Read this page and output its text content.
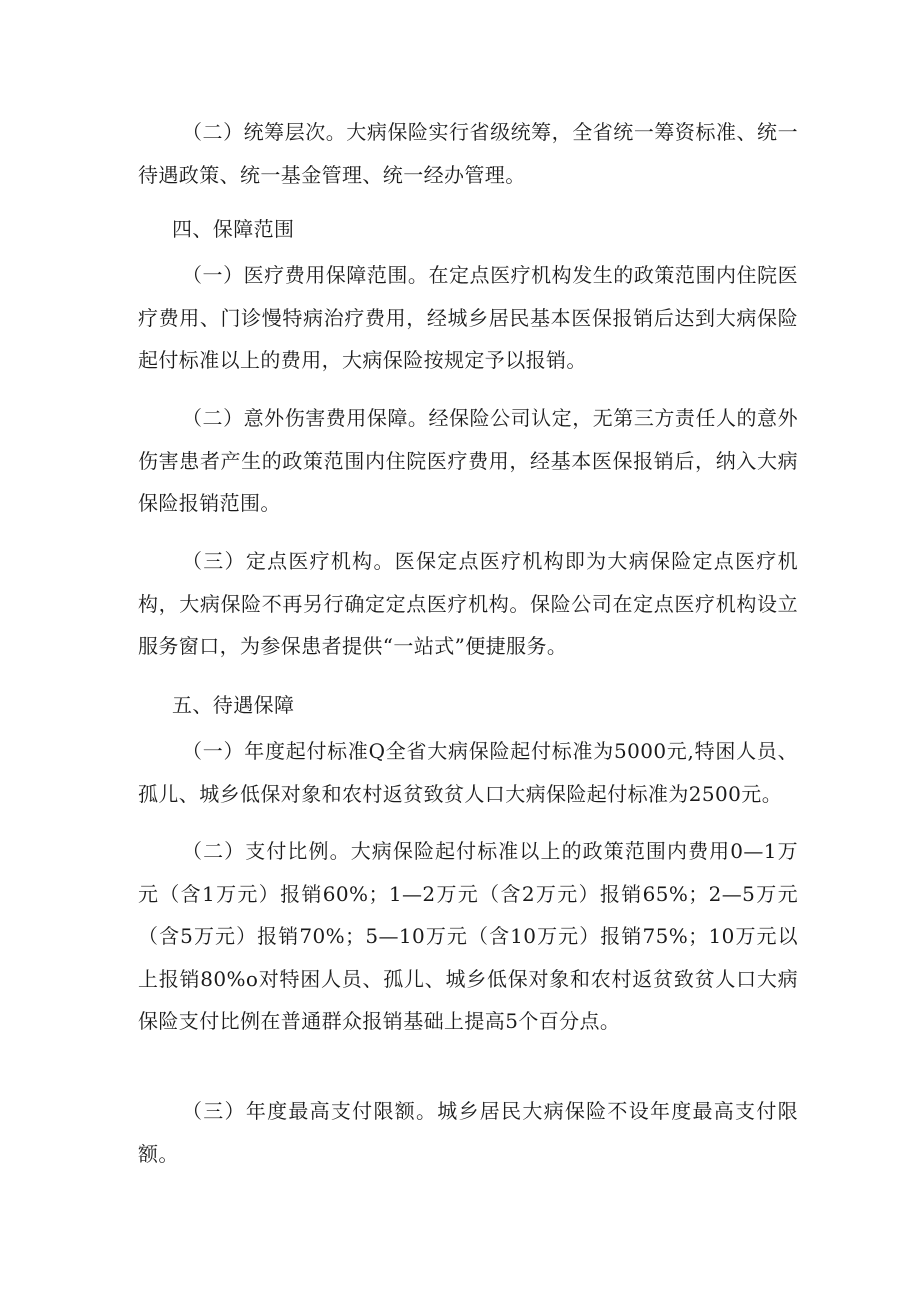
（二）统筹层次。大病保险实行省级统筹，全省统一筹资标准、统一待遇政策、统一基金管理、统一经办管理。

四、保障范围

（一）医疗费用保障范围。在定点医疗机构发生的政策范围内住院医疗费用、门诊慢特病治疗费用，经城乡居民基本医保报销后达到大病保险起付标准以上的费用，大病保险按规定予以报销。

（二）意外伤害费用保障。经保险公司认定，无第三方责任人的意外伤害患者产生的政策范围内住院医疗费用，经基本医保报销后，纳入大病保险报销范围。

（三）定点医疗机构。医保定点医疗机构即为大病保险定点医疗机构，大病保险不再另行确定定点医疗机构。保险公司在定点医疗机构设立服务窗口，为参保患者提供“一站式”便捷服务。

五、待遇保障

（一）年度起付标准Q全省大病保险起付标准为5000元,特困人员、孤儿、城乡低保对象和农村返贫致贫人口大病保险起付标准为2500元。

（二）支付比例。大病保险起付标准以上的政策范围内费用0—1万元（含1万元）报销60%；1—2万元（含2万元）报销65%；2—5万元（含5万元）报销70%；5—10万元（含10万元）报销75%；10万元以上报销80%o对特困人员、孤儿、城乡低保对象和农村返贫致贫人口大病保险支付比例在普通群众报销基础上提高5个百分点。

（三）年度最高支付限额。城乡居民大病保险不设年度最高支付限额。
